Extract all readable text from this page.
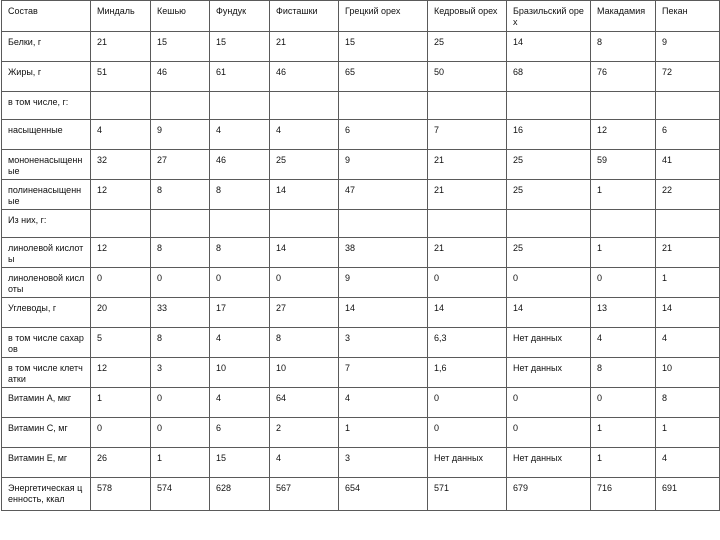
Состав	Миндаль	Кешью	Фундук	Фисташки	Грецкий орех	Кедровый орех	Бразильский орех	Макадамия	Пекан
Белки, г	21	15	15	21	15	25	14	8	9
Жиры, г	51	46	61	46	65	50	68	76	72
в том числе, г:									
насыщенные	4	9	4	4	6	7	16	12	6
мононенасыщенные	32	27	46	25	9	21	25	59	41
полиненасыщенные	12	8	8	14	47	21	25	1	22
Из них, г:									
линолевой кислоты	12	8	8	14	38	21	25	1	21
линоленовой кислоты	0	0	0	0	9	0	0	0	1
Углеводы, г	20	33	17	27	14	14	14	13	14
в том числе сахаров	5	8	4	8	3	6,3	Нет данных	4	4
в том числе клетчатки	12	3	10	10	7	1,6	Нет данных	8	10
Витамин А, мкг	1	0	4	64	4	0	0	0	8
Витамин С, мг	0	0	6	2	1	0	0	1	1
Витамин Е, мг	26	1	15	4	3	Нет данных	Нет данных	1	4
Энергетическая ценность, ккал	578	574	628	567	654	571	679	716	691
